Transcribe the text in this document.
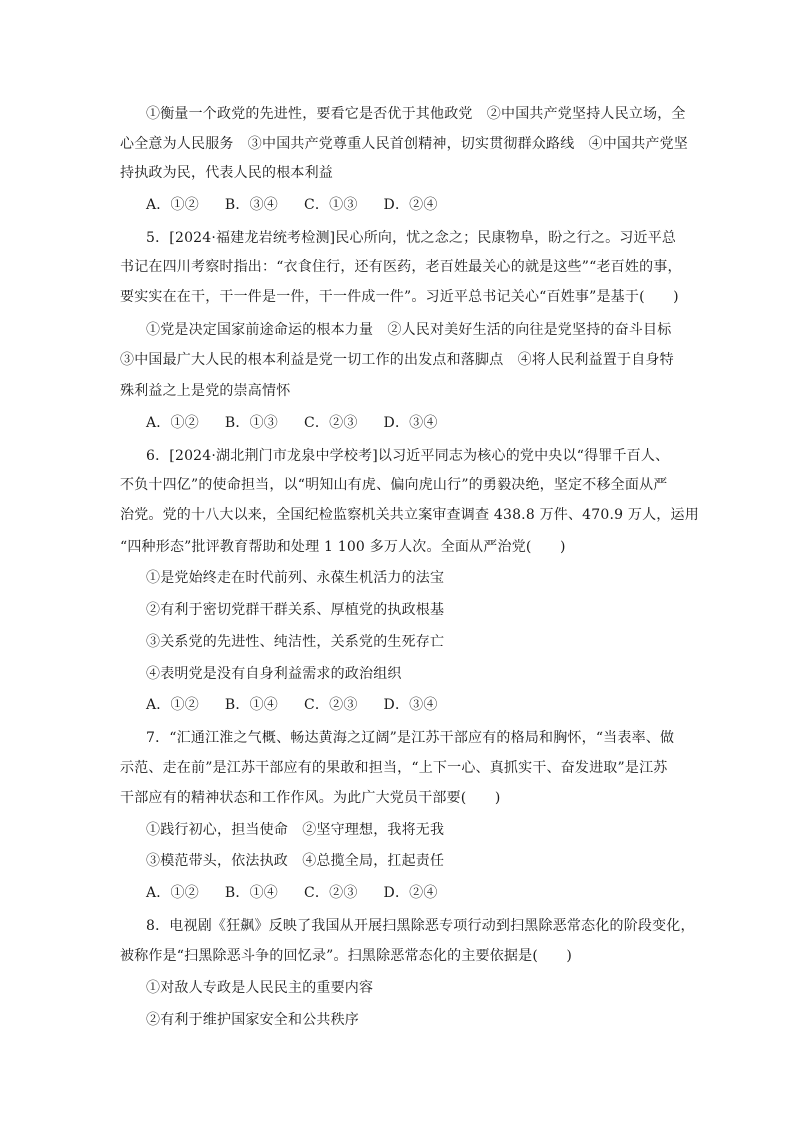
①衡量一个政党的先进性，要看它是否优于其他政党　②中国共产党坚持人民立场，全
心全意为人民服务　③中国共产党尊重人民首创精神，切实贯彻群众路线　④中国共产党坚
持执政为民，代表人民的根本利益
A．①② B．③④ C．①③ D．②④
5．[2024·福建龙岩统考检测]民心所向，忧之念之；民康物阜，盼之行之。习近平总
书记在四川考察时指出：“衣食住行，还有医药，老百姓最关心的就是这些”“老百姓的事，
要实实在在干，干一件是一件，干一件成一件”。习近平总书记关心“百姓事”是基于(　　)
①党是决定国家前途命运的根本力量　②人民对美好生活的向往是党坚持的奋斗目标
③中国最广大人民的根本利益是党一切工作的出发点和落脚点　④将人民利益置于自身特
殊利益之上是党的崇高情怀
A．①② B．①③ C．②③ D．③④
6．[2024·湖北荆门市龙泉中学校考]以习近平同志为核心的党中央以“得罪千百人、
不负十四亿”的使命担当，以“明知山有虎、偏向虎山行”的勇毅决绝，坚定不移全面从严
治党。党的十八大以来，全国纪检监察机关共立案审查调查 438.8 万件、470.9 万人，运用
“四种形态”批评教育帮助和处理 1 100 多万人次。全面从严治党(　　)
①是党始终走在时代前列、永葆生机活力的法宝
②有利于密切党群干群关系、厚植党的执政根基
③关系党的先进性、纯洁性，关系党的生死存亡
④表明党是没有自身利益需求的政治组织
A．①② B．①④ C．②③ D．③④
7．“汇通江淮之气概、畅达黄海之辽阔”是江苏干部应有的格局和胸怀，“当表率、做
示范、走在前”是江苏干部应有的果敢和担当，“上下一心、真抓实干、奋发进取”是江苏
干部应有的精神状态和工作作风。为此广大党员干部要(　　)
①践行初心，担当使命　②坚守理想，我将无我
③模范带头，依法执政　④总揽全局，扛起责任
A．①② B．①④ C．②③ D．②④
8．电视剧《狂飙》反映了我国从开展扫黑除恶专项行动到扫黑除恶常态化的阶段变化，
被称作是“扫黑除恶斗争的回忆录”。扫黑除恶常态化的主要依据是(　　)
①对敌人专政是人民民主的重要内容
②有利于维护国家安全和公共秩序
